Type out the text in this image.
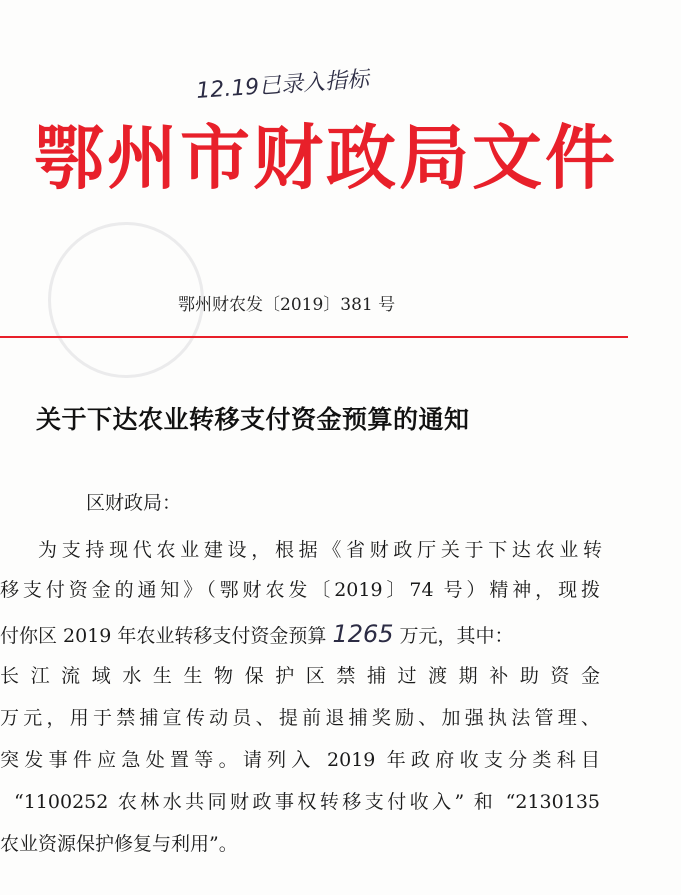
12.19已录入指标
鄂州市财政局文件
鄂州财农发〔2019〕381 号
关于下达农业转移支付资金预算的通知
区财政局：
为支持现代农业建设，根据《省财政厅关于下达农业转
移支付资金的通知》（鄂财农发〔2019〕74 号）精神，现拨
付你区 2019 年农业转移支付资金预算 1265 万元，其中：
长江流域水生生物保护区禁捕过渡期补助资金
万元，用于禁捕宣传动员、提前退捕奖励、加强执法管理、
突发事件应急处置等。请列入 2019 年政府收支分类科目
“1100252 农林水共同财政事权转移支付收入” 和 “2130135
农业资源保护修复与利用”。
